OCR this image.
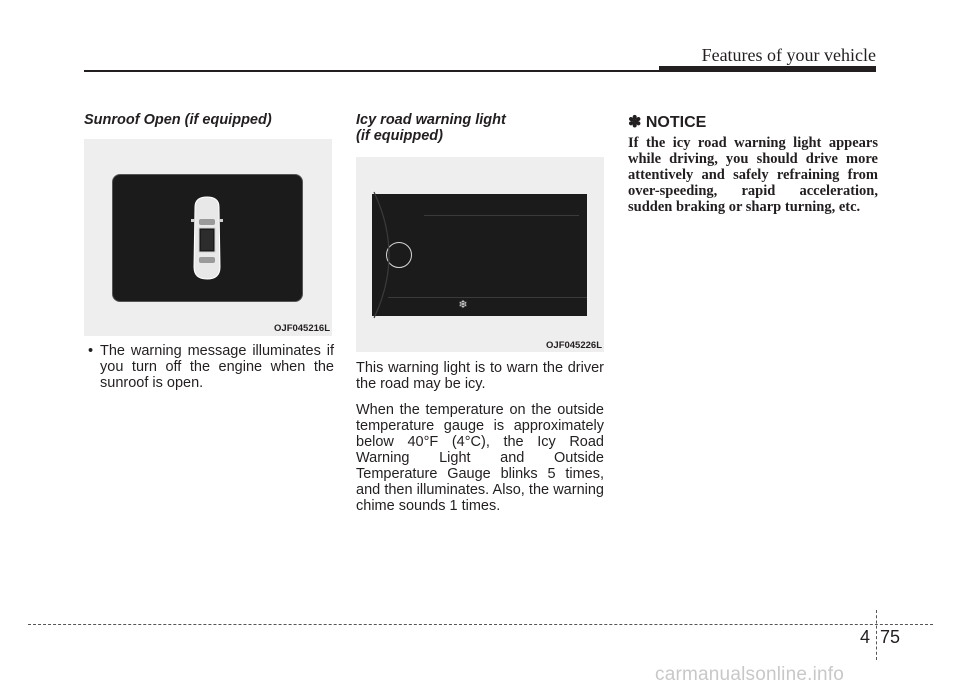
Features of your vehicle
Sunroof Open (if equipped)
OJF045216L
• The warning message illuminates if you turn off the engine when the sunroof is open.
Icy road warning light
(if equipped)
❄
OJF045226L
This warning light is to warn the driver the road may be icy.
When the temperature on the outside temperature gauge is approximately below 40°F (4°C), the Icy Road Warning Light and Outside Temperature Gauge blinks 5 times, and then illuminates. Also, the warning chime sounds 1 times.
✽ NOTICE
If the icy road warning light appears while driving, you should drive more attentively and safely refraining from over-speeding, rapid acceleration, sudden braking or sharp turning, etc.
4 75
carmanualsonline.info
